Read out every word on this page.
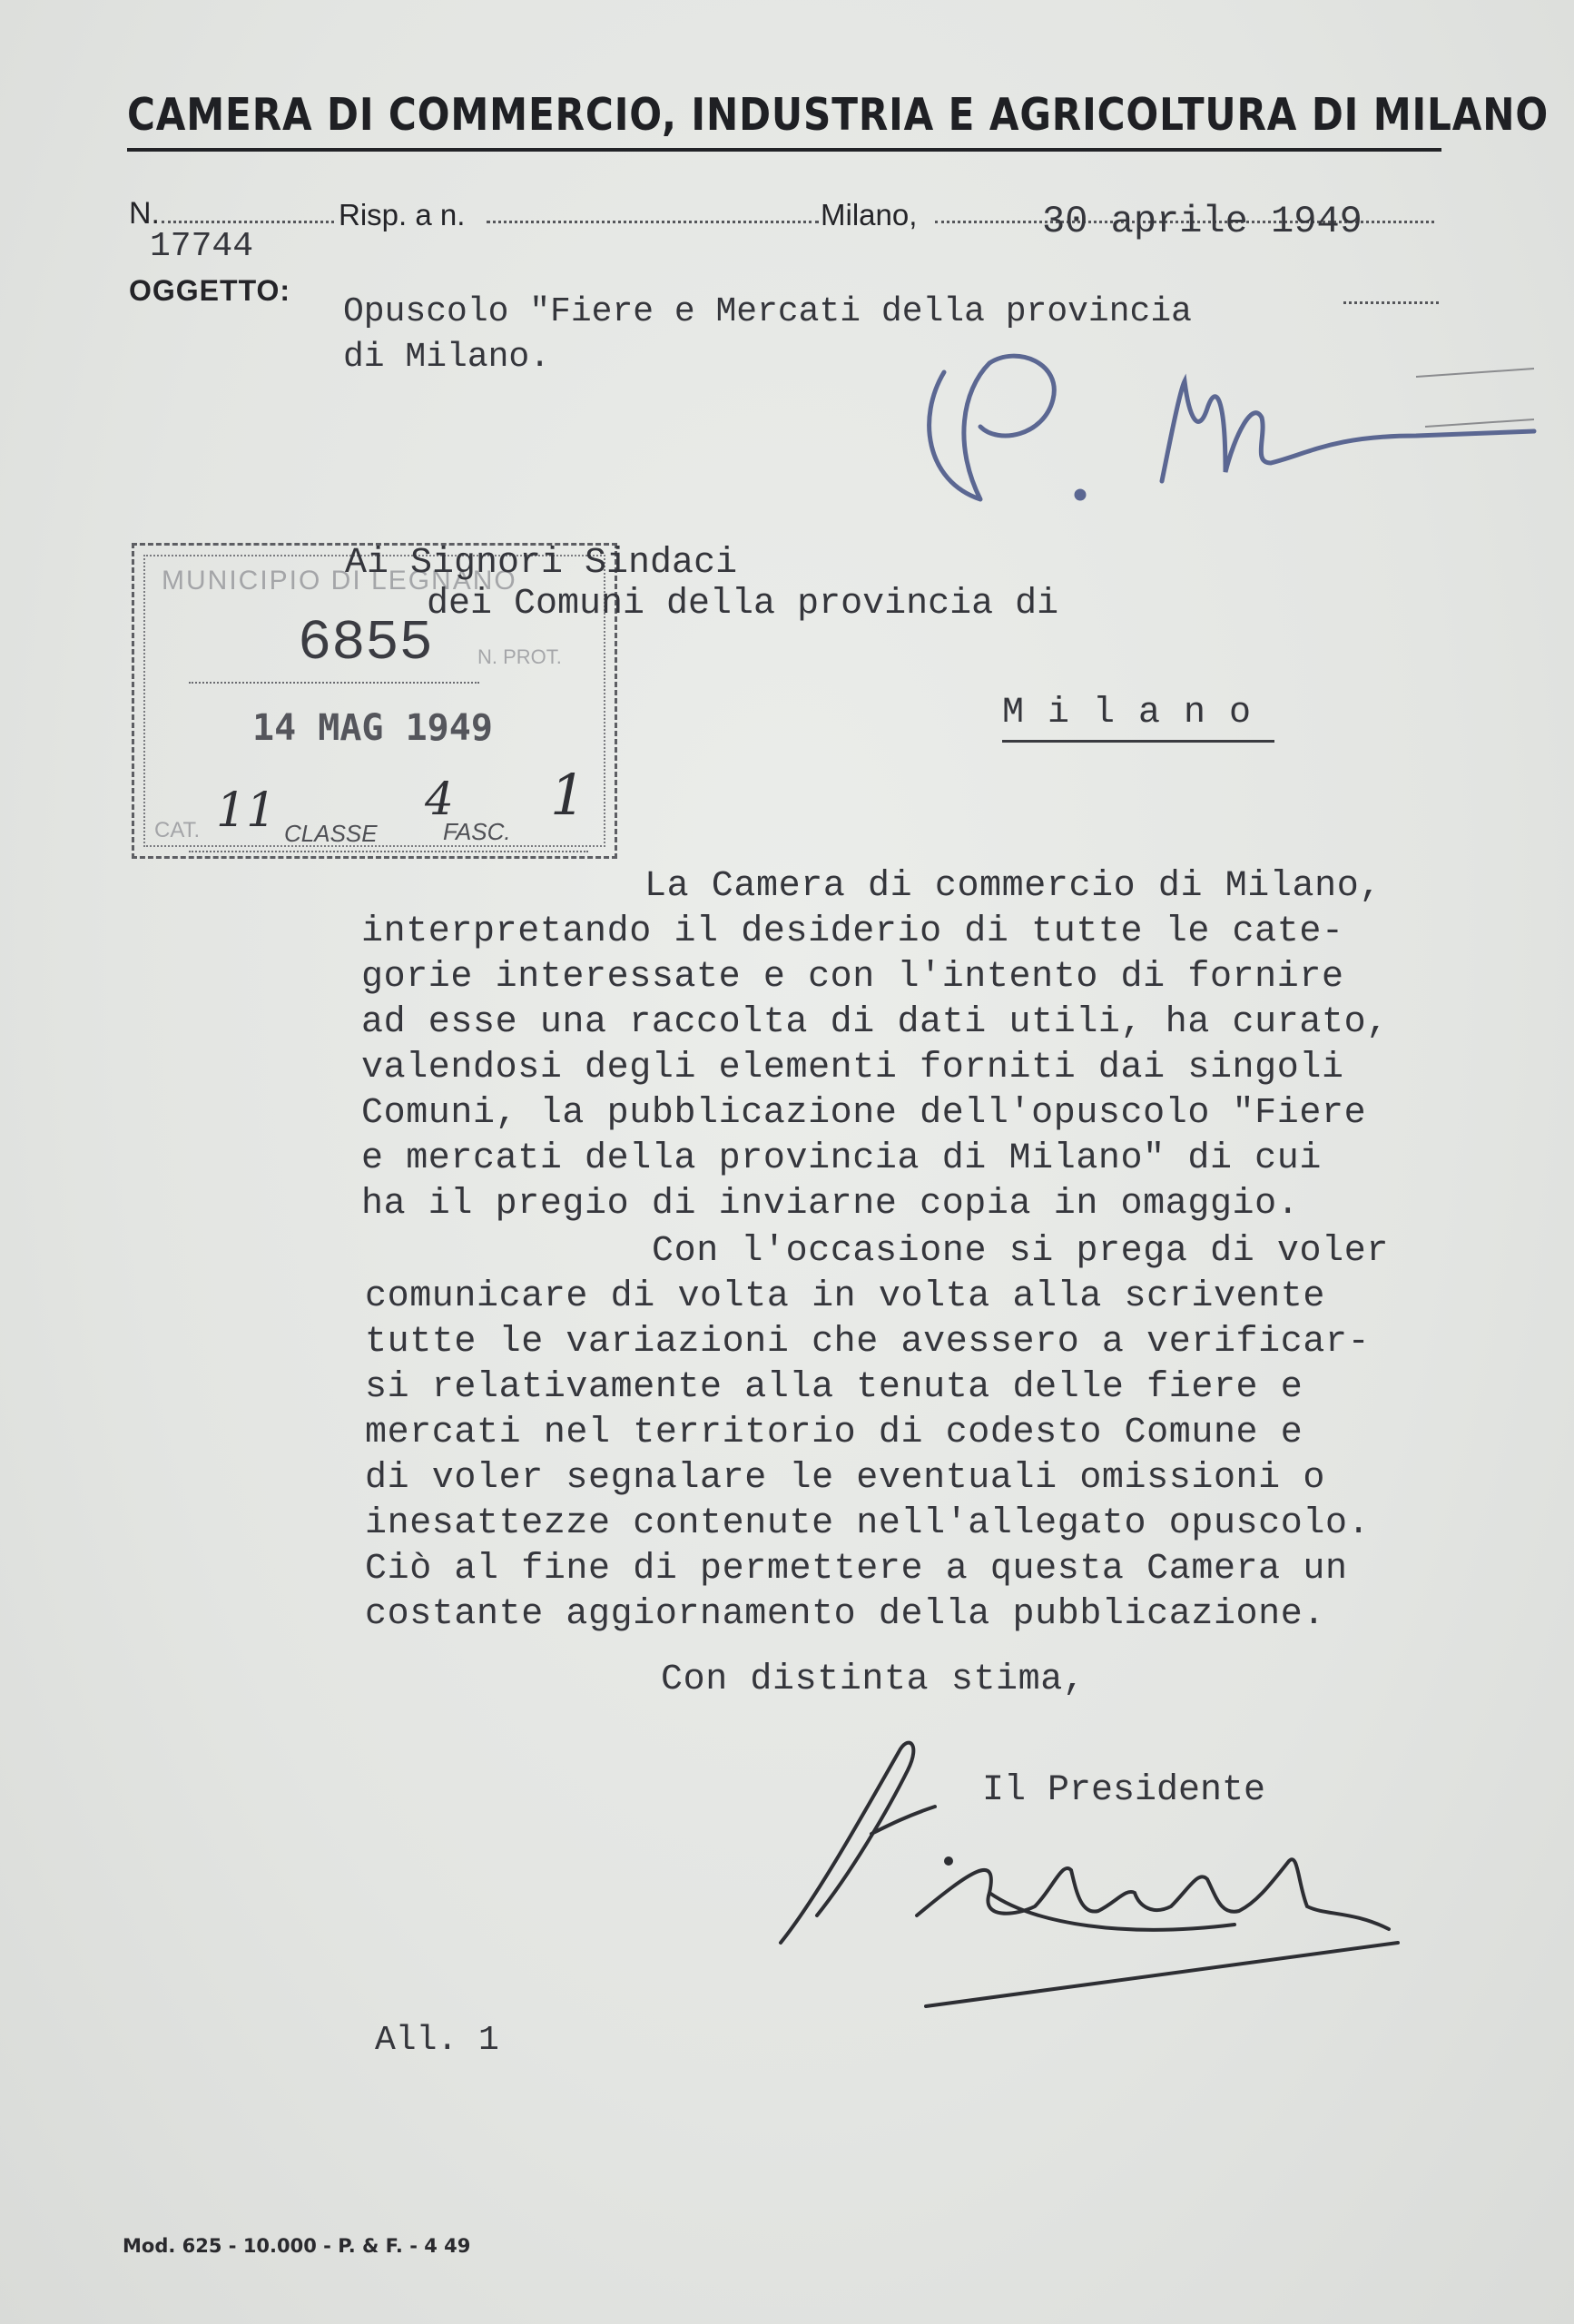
CAMERA DI COMMERCIO, INDUSTRIA E AGRICOLTURA DI MILANO
N.	Risp. a n.	Milano,	30 aprile 1949
17744
OGGETTO:
Opuscolo "Fiere e Mercati della provincia
di Milano.
MUNICIPIO DI LEGNANO
6855 N. PROT.
14 MAG 1949
CAT. 11 CLASSE
4
FASC.
1
Ai Signori Sindaci
dei Comuni della provincia di
M i l a n o
La Camera di commercio di Milano,
interpretando il desiderio di tutte le cate-
gorie interessate e con l'intento di fornire
ad esse una raccolta di dati utili, ha curato,
valendosi degli elementi forniti dai singoli
Comuni, la pubblicazione dell'opuscolo "Fiere
e mercati della provincia di Milano" di cui
ha il pregio di inviarne copia in omaggio.
Con l'occasione si prega di voler
comunicare di volta in volta alla scrivente
tutte le variazioni che avessero a verificar-
si relativamente alla tenuta delle fiere e
mercati nel territorio di codesto Comune e
di voler segnalare le eventuali omissioni o
inesattezze contenute nell'allegato opuscolo.
Ciò al fine di permettere a questa Camera un
costante aggiornamento della pubblicazione.
Con distinta stima,
Il Presidente
All. 1
Mod. 625 - 10.000 - P. & F. - 4 49
